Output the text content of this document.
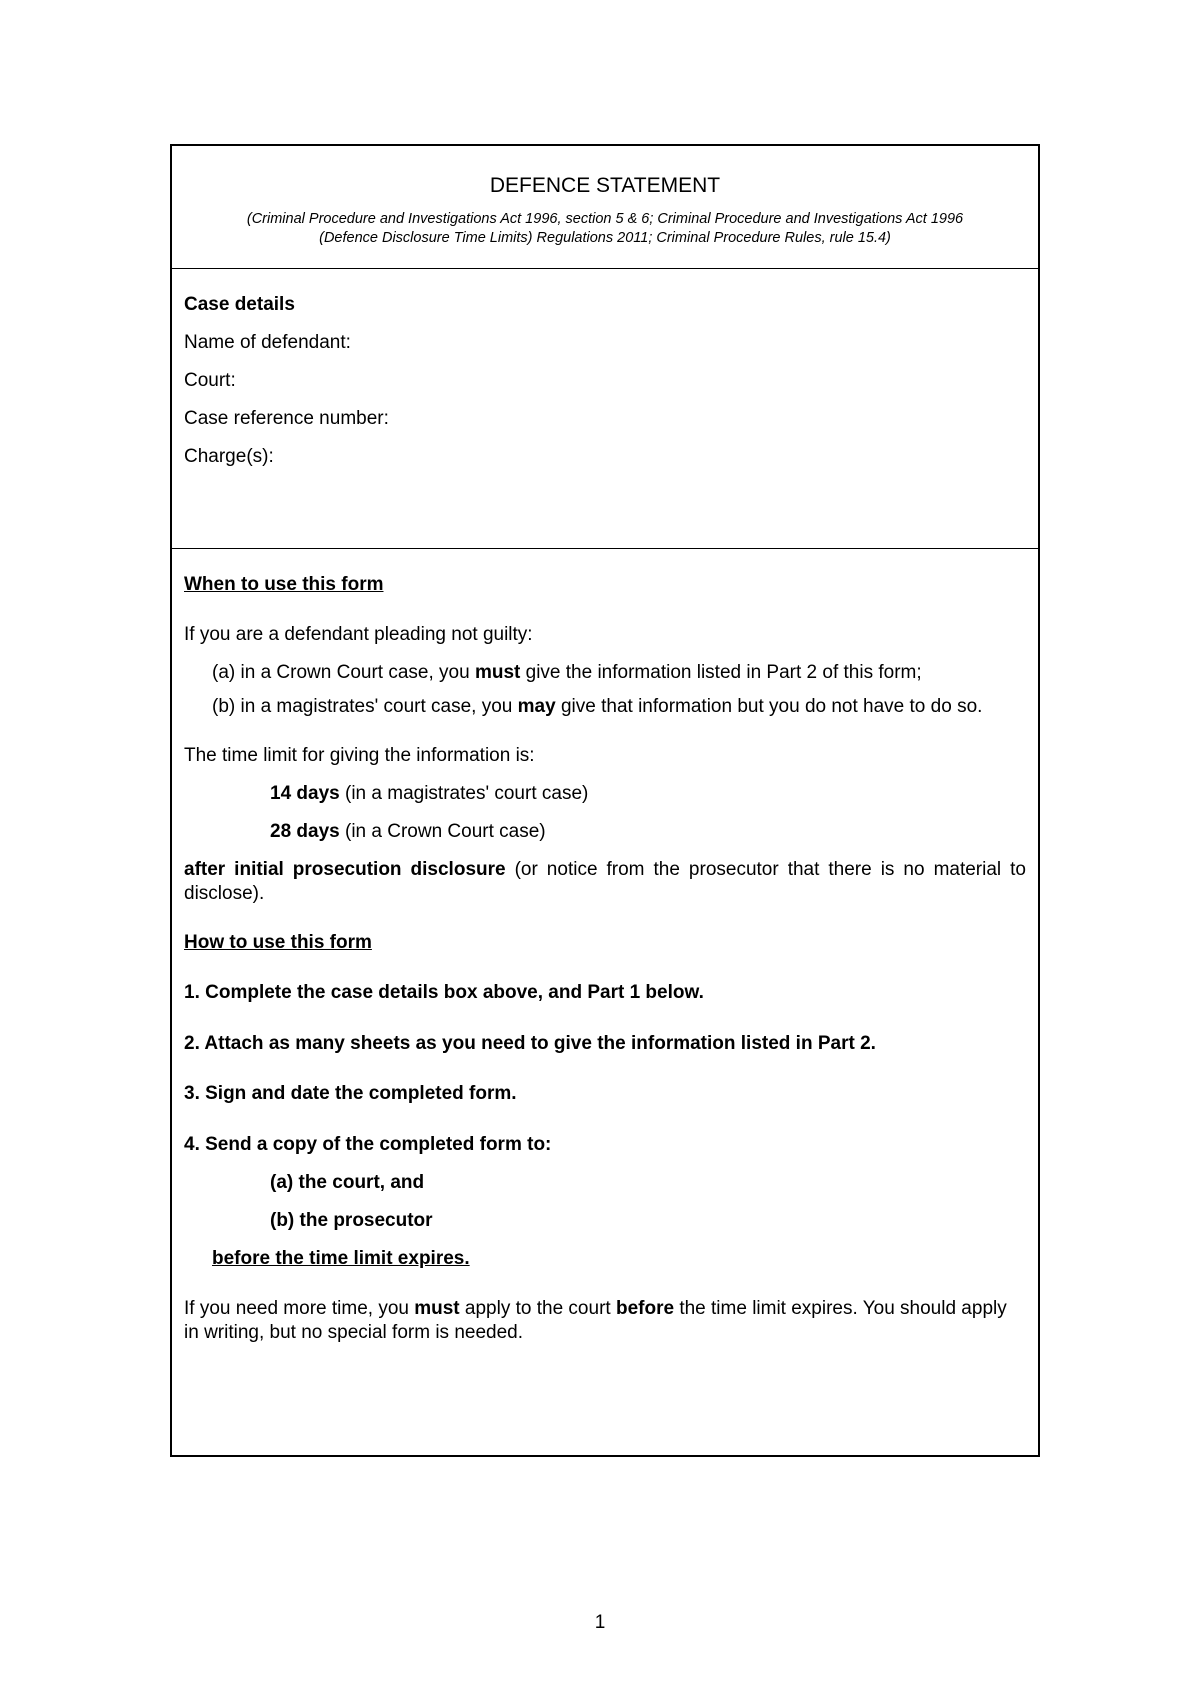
DEFENCE STATEMENT

(Criminal Procedure and Investigations Act 1996, section 5 & 6; Criminal Procedure and Investigations Act 1996
(Defence Disclosure Time Limits) Regulations 2011; Criminal Procedure Rules, rule 15.4)

Case details

Name of defendant:

Court:

Case reference number:

Charge(s):

When to use this form

If you are a defendant pleading not guilty:

(a) in a Crown Court case, you must give the information listed in Part 2 of this form;

(b) in a magistrates' court case, you may give that information but you do not have to do so.

The time limit for giving the information is:

14 days (in a magistrates' court case)

28 days (in a Crown Court case)

after initial prosecution disclosure (or notice from the prosecutor that there is no material to disclose).

How to use this form

1. Complete the case details box above, and Part 1 below.

2. Attach as many sheets as you need to give the information listed in Part 2.

3. Sign and date the completed form.

4. Send a copy of the completed form to:

(a) the court, and

(b) the prosecutor

before the time limit expires.

If you need more time, you must apply to the court before the time limit expires. You should apply in writing, but no special form is needed.

1
